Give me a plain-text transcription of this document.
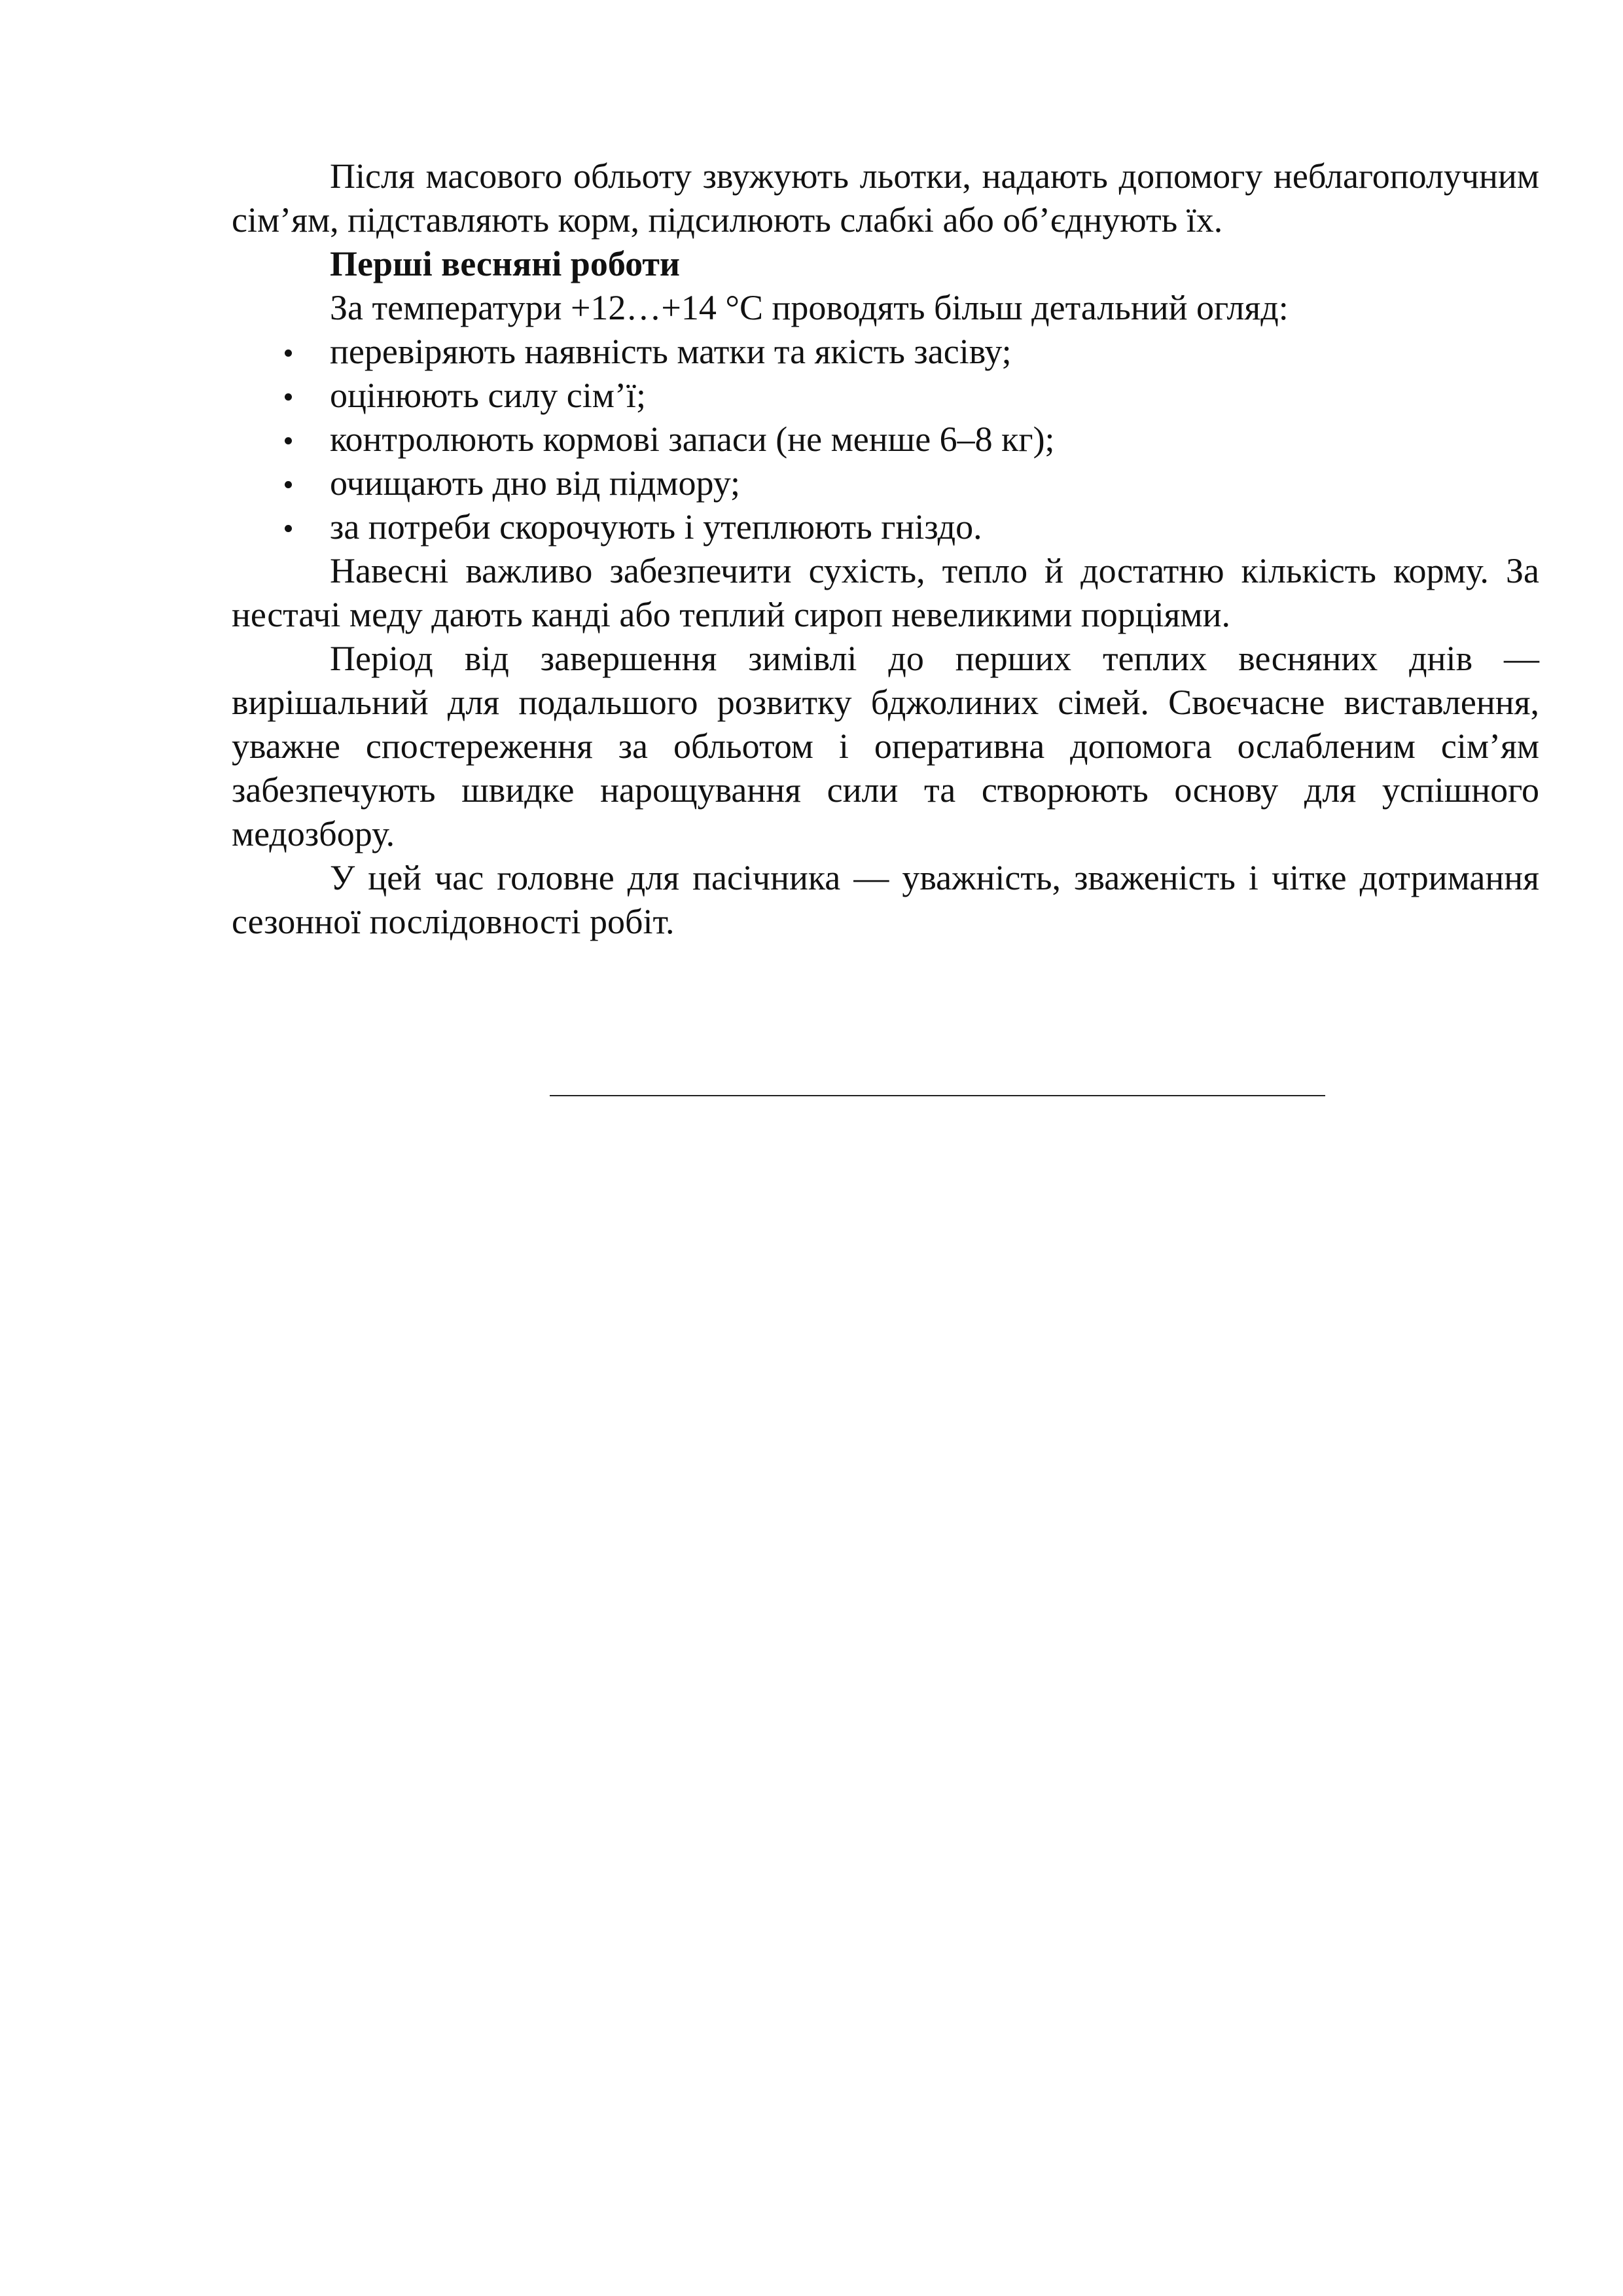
Після масового обльоту звужують льотки, надають допомогу неблагополучним сім’ям, підставляють корм, підсилюють слабкі або об’єднують їх.

Перші весняні роботи

За температури +12…+14 °C проводять більш детальний огляд:

перевіряють наявність матки та якість засіву;
оцінюють силу сім’ї;
контролюють кормові запаси (не менше 6–8 кг);
очищають дно від підмору;
за потреби скорочують і утеплюють гніздо.

Навесні важливо забезпечити сухість, тепло й достатню кількість корму. За нестачі меду дають канді або теплий сироп невеликими порціями.

Період від завершення зимівлі до перших теплих весняних днів — вирішальний для подальшого розвитку бджолиних сімей. Своєчасне виставлення, уважне спостереження за обльотом і оперативна допомога ослабленим сім’ям забезпечують швидке нарощування сили та створюють основу для успішного медозбору.

У цей час головне для пасічника — уважність, зваженість і чітке дотримання сезонної послідовності робіт.
